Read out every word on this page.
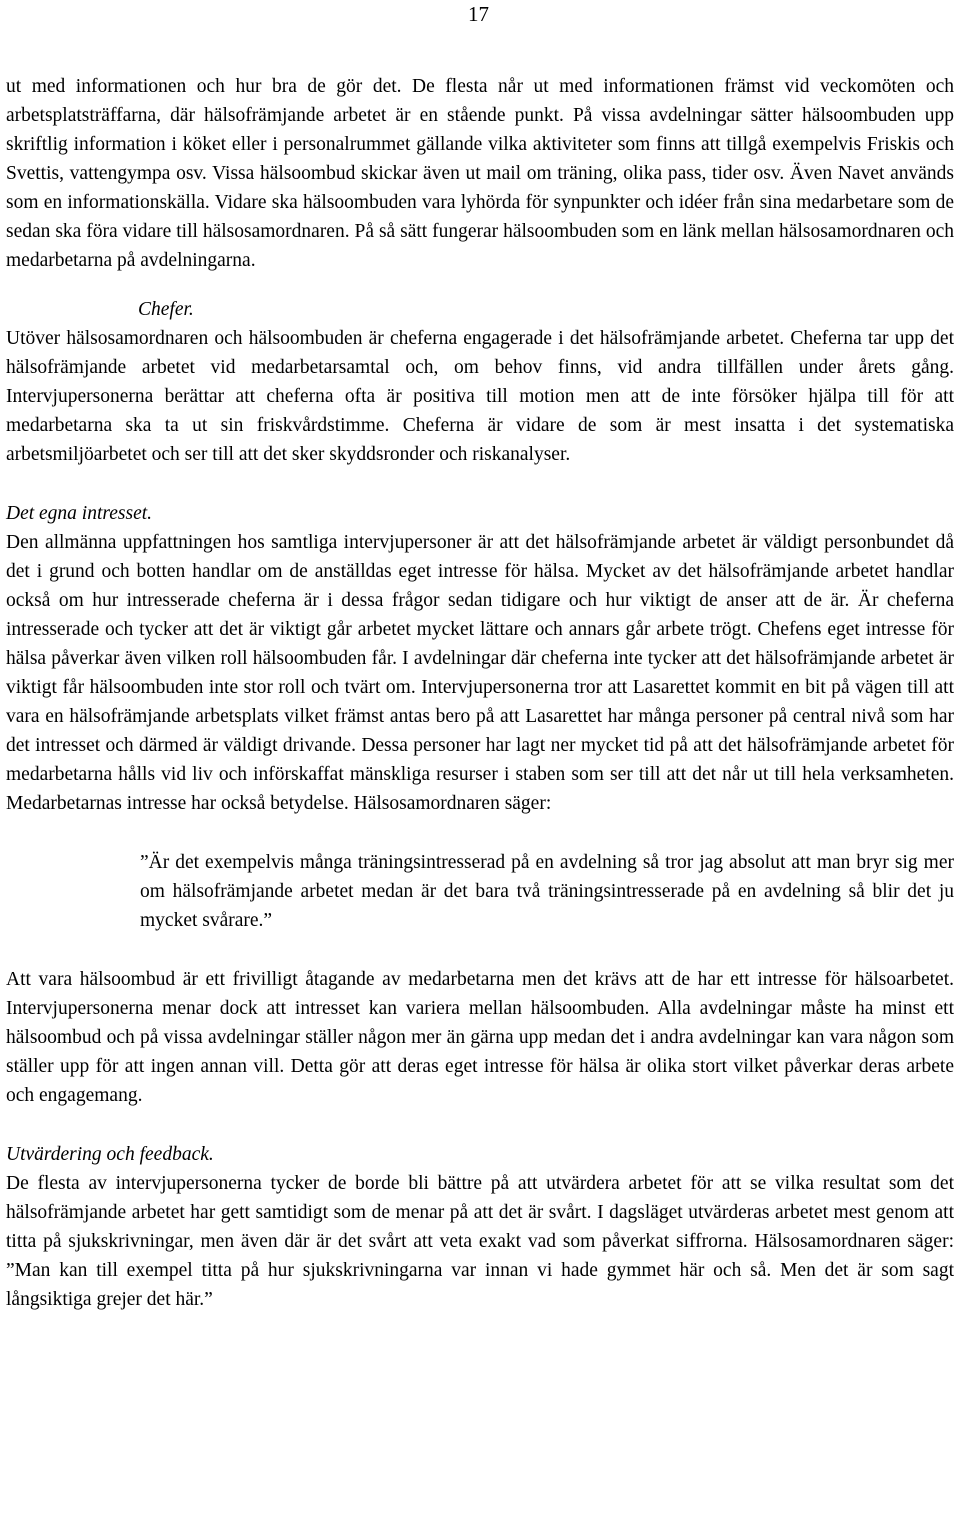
17

ut med informationen och hur bra de gör det. De flesta når ut med informationen främst vid veckomöten och arbetsplatsträffarna, där hälsofrämjande arbetet är en stående punkt. På vissa avdelningar sätter hälsoombuden upp skriftlig information i köket eller i personalrummet gällande vilka aktiviteter som finns att tillgå exempelvis Friskis och Svettis, vattengympa osv. Vissa hälsoombud skickar även ut mail om träning, olika pass, tider osv. Även Navet används som en informationskälla. Vidare ska hälsoombuden vara lyhörda för synpunkter och idéer från sina medarbetare som de sedan ska föra vidare till hälsosamordnaren. På så sätt fungerar hälsoombuden som en länk mellan hälsosamordnaren och medarbetarna på avdelningarna.

Chefer.

Utöver hälsosamordnaren och hälsoombuden är cheferna engagerade i det hälsofrämjande arbetet. Cheferna tar upp det hälsofrämjande arbetet vid medarbetarsamtal och, om behov finns, vid andra tillfällen under årets gång. Intervjupersonerna berättar att cheferna ofta är positiva till motion men att de inte försöker hjälpa till för att medarbetarna ska ta ut sin friskvårdstimme. Cheferna är vidare de som är mest insatta i det systematiska arbetsmiljöarbetet och ser till att det sker skyddsronder och riskanalyser.

Det egna intresset.

Den allmänna uppfattningen hos samtliga intervjupersoner är att det hälsofrämjande arbetet är väldigt personbundet då det i grund och botten handlar om de anställdas eget intresse för hälsa. Mycket av det hälsofrämjande arbetet handlar också om hur intresserade cheferna är i dessa frågor sedan tidigare och hur viktigt de anser att de är. Är cheferna intresserade och tycker att det är viktigt går arbetet mycket lättare och annars går arbete trögt. Chefens eget intresse för hälsa påverkar även vilken roll hälsoombuden får. I avdelningar där cheferna inte tycker att det hälsofrämjande arbetet är viktigt får hälsoombuden inte stor roll och tvärt om. Intervjupersonerna tror att Lasarettet kommit en bit på vägen till att vara en hälsofrämjande arbetsplats vilket främst antas bero på att Lasarettet har många personer på central nivå som har det intresset och därmed är väldigt drivande. Dessa personer har lagt ner mycket tid på att det hälsofrämjande arbetet för medarbetarna hålls vid liv och införskaffat mänskliga resurser i staben som ser till att det når ut till hela verksamheten. Medarbetarnas intresse har också betydelse. Hälsosamordnaren säger:

”Är det exempelvis många träningsintresserad på en avdelning så tror jag absolut att man bryr sig mer om hälsofrämjande arbetet medan är det bara två träningsintresserade på en avdelning så blir det ju mycket svårare.”

Att vara hälsoombud är ett frivilligt åtagande av medarbetarna men det krävs att de har ett intresse för hälsoarbetet. Intervjupersonerna menar dock att intresset kan variera mellan hälsoombuden. Alla avdelningar måste ha minst ett hälsoombud och på vissa avdelningar ställer någon mer än gärna upp medan det i andra avdelningar kan vara någon som ställer upp för att ingen annan vill. Detta gör att deras eget intresse för hälsa är olika stort vilket påverkar deras arbete och engagemang.

Utvärdering och feedback.

De flesta av intervjupersonerna tycker de borde bli bättre på att utvärdera arbetet för att se vilka resultat som det hälsofrämjande arbetet har gett samtidigt som de menar på att det är svårt. I dagsläget utvärderas arbetet mest genom att titta på sjukskrivningar, men även där är det svårt att veta exakt vad som påverkat siffrorna. Hälsosamordnaren säger: ”Man kan till exempel titta på hur sjukskrivningarna var innan vi hade gymmet här och så. Men det är som sagt långsiktiga grejer det här.”
